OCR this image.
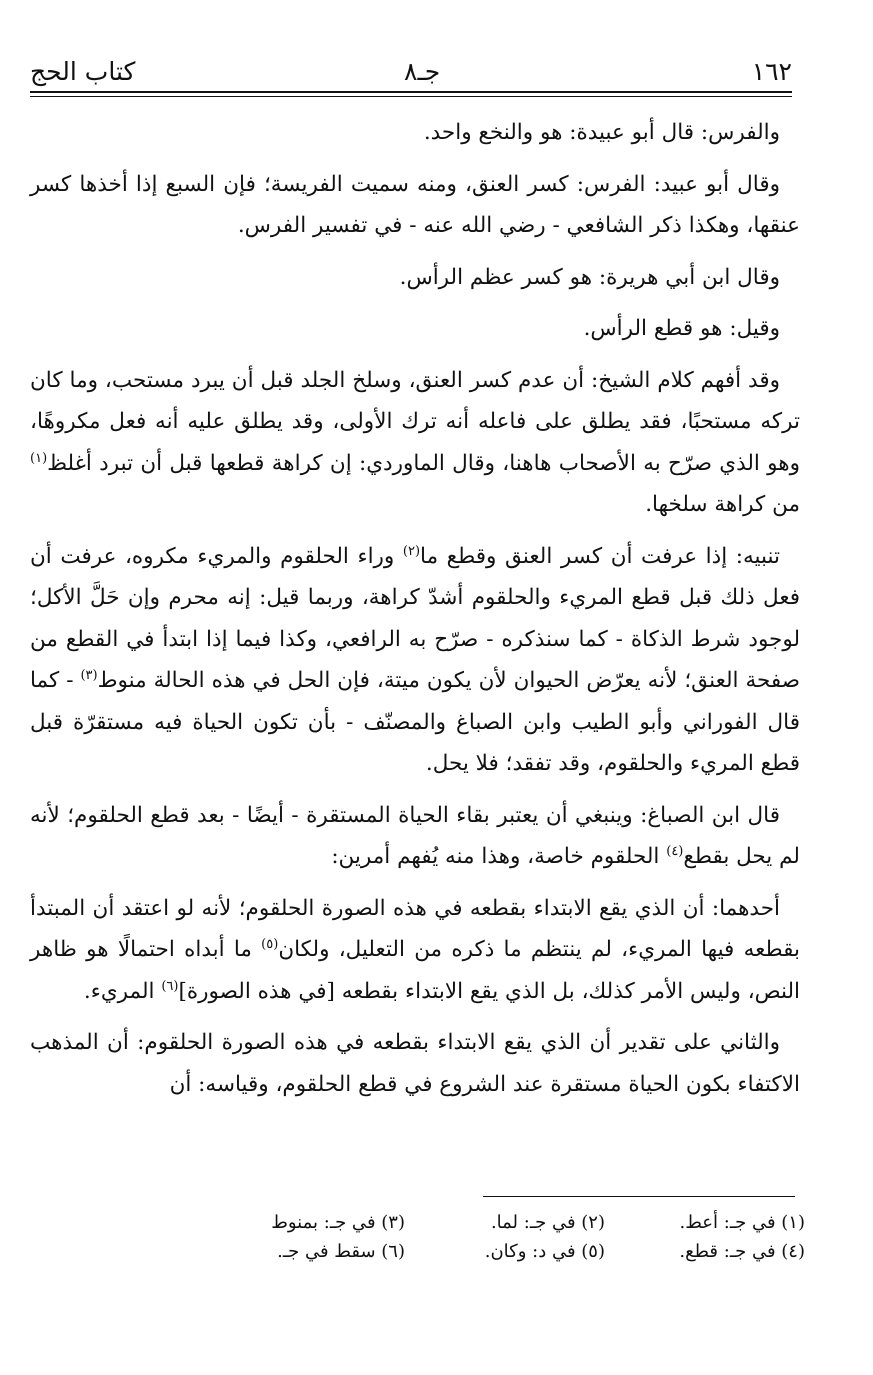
١٦٢
جـ٨
كتاب الحج

والفرس: قال أبو عبيدة: هو والنخع واحد.

وقال أبو عبيد: الفرس: كسر العنق، ومنه سميت الفريسة؛ فإن السبع إذا أخذها كسر عنقها، وهكذا ذكر الشافعي - رضي الله عنه - في تفسير الفرس.

وقال ابن أبي هريرة: هو كسر عظم الرأس.

وقيل: هو قطع الرأس.

وقد أفهم كلام الشيخ: أن عدم كسر العنق، وسلخ الجلد قبل أن يبرد مستحب، وما كان تركه مستحبًا، فقد يطلق على فاعله أنه ترك الأولى، وقد يطلق عليه أنه فعل مكروهًا، وهو الذي صرّح به الأصحاب هاهنا، وقال الماوردي: إن كراهة قطعها قبل أن تبرد أغلظ$^{(١)}$ من كراهة سلخها.

تنبيه: إذا عرفت أن كسر العنق وقطع ما$^{(٢)}$ وراء الحلقوم والمريء مكروه، عرفت أن فعل ذلك قبل قطع المريء والحلقوم أشدّ كراهة، وربما قيل: إنه محرم وإن حَلَّ الأكل؛ لوجود شرط الذكاة - كما سنذكره - صرّح به الرافعي، وكذا فيما إذا ابتدأ في القطع من صفحة العنق؛ لأنه يعرّض الحيوان لأن يكون ميتة، فإن الحل في هذه الحالة منوط$^{(٣)}$ - كما قال الفوراني وأبو الطيب وابن الصباغ والمصنّف - بأن تكون الحياة فيه مستقرّة قبل قطع المريء والحلقوم، وقد تفقد؛ فلا يحل.

قال ابن الصباغ: وينبغي أن يعتبر بقاء الحياة المستقرة - أيضًا - بعد قطع الحلقوم؛ لأنه لم يحل بقطع$^{(٤)}$ الحلقوم خاصة، وهذا منه يُفهم أمرين:

أحدهما: أن الذي يقع الابتداء بقطعه في هذه الصورة الحلقوم؛ لأنه لو اعتقد أن المبتدأ بقطعه فيها المريء، لم ينتظم ما ذكره من التعليل، ولكان$^{(٥)}$ ما أبداه احتمالًا هو ظاهر النص، وليس الأمر كذلك، بل الذي يقع الابتداء بقطعه [في هذه الصورة]$^{(٦)}$ المريء.

والثاني على تقدير أن الذي يقع الابتداء بقطعه في هذه الصورة الحلقوم: أن المذهب الاكتفاء بكون الحياة مستقرة عند الشروع في قطع الحلقوم، وقياسه: أن

(١) في جـ: أعط.
(٢) في جـ: لما.
(٣) في جـ: بمنوط
(٤) في جـ: قطع.
(٥) في د: وكان.
(٦) سقط في جـ.
